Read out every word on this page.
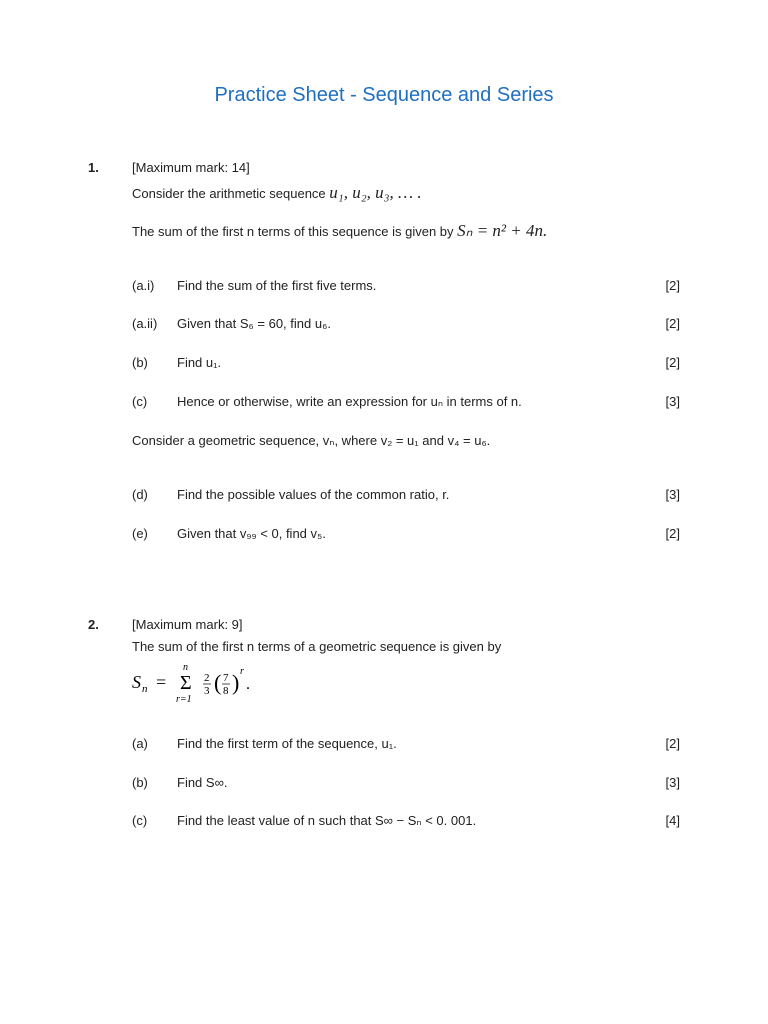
Practice Sheet - Sequence and Series
1.	[Maximum mark: 14]
Consider the arithmetic sequence u₁, u₂, u₃, … .
The sum of the first n terms of this sequence is given by Sₙ = n² + 4n.
(a.i) Find the sum of the first five terms.	[2]
(a.ii) Given that S₆ = 60, find u₆.	[2]
(b) Find u₁.	[2]
(c) Hence or otherwise, write an expression for uₙ in terms of n.	[3]
Consider a geometric sequence, vₙ, where v₂ = u₁ and v₄ = u₆.
(d) Find the possible values of the common ratio, r.	[3]
(e) Given that v₉₉ < 0, find v₅.	[2]
2.	[Maximum mark: 9]
The sum of the first n terms of a geometric sequence is given by
S n =
n
Σ
r=1
2
3 ( 7
8 ) r
.
(a) Find the first term of the sequence, u₁.	[2]
(b) Find S∞.	[3]
(c) Find the least value of n such that S∞ − Sₙ < 0. 001.	[4]
